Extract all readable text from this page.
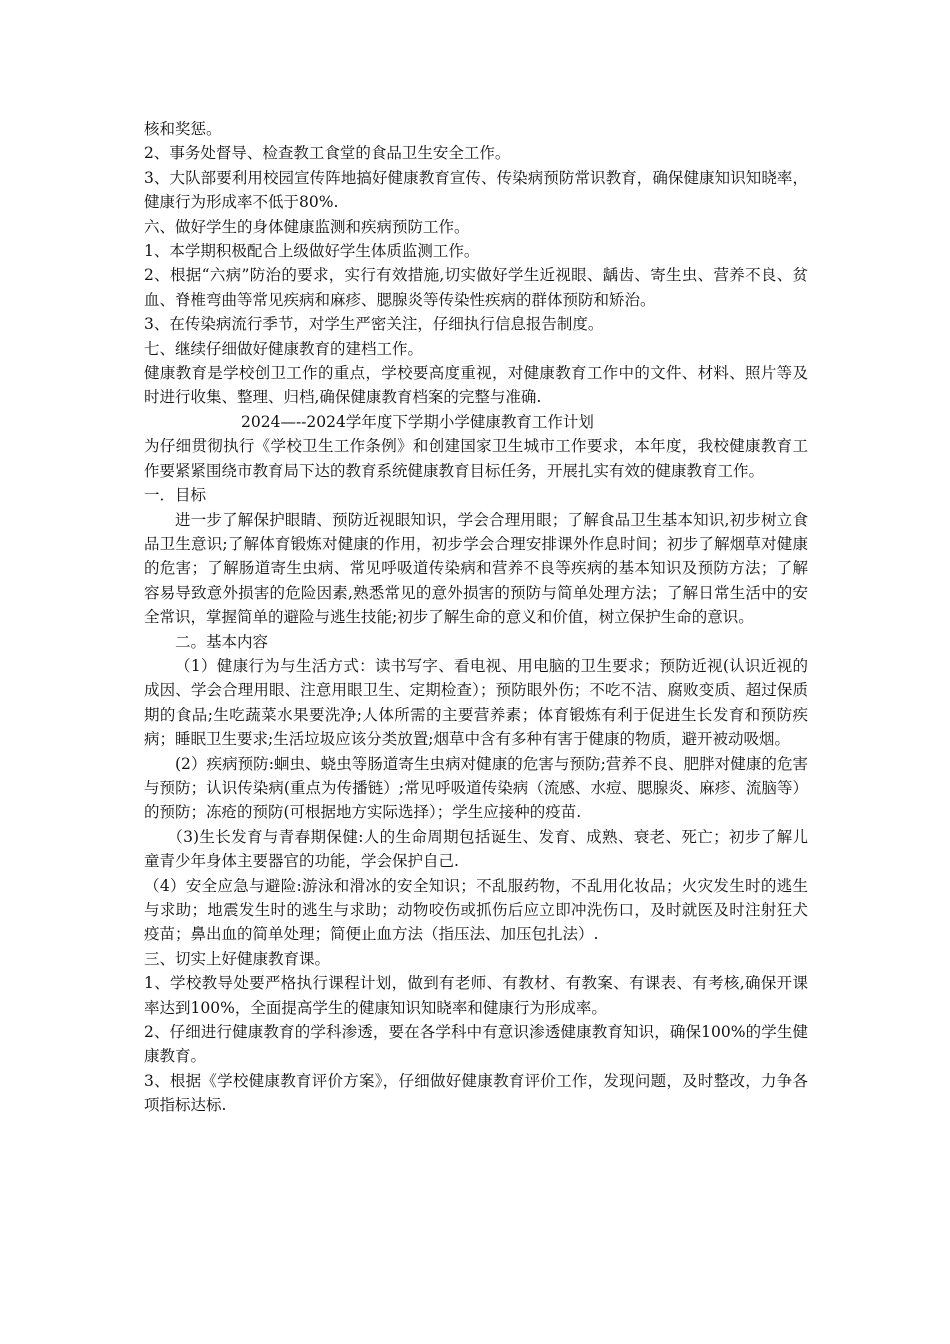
核和奖惩。

2、事务处督导、检查教工食堂的食品卫生安全工作。

3、大队部要利用校园宣传阵地搞好健康教育宣传、传染病预防常识教育，确保健康知识知晓率，健康行为形成率不低于80%.

六、做好学生的身体健康监测和疾病预防工作。

1、本学期积极配合上级做好学生体质监测工作。

2、根据“六病”防治的要求，实行有效措施,切实做好学生近视眼、龋齿、寄生虫、营养不良、贫血、脊椎弯曲等常见疾病和麻疹、腮腺炎等传染性疾病的群体预防和矫治。

3、在传染病流行季节，对学生严密关注，仔细执行信息报告制度。

七、继续仔细做好健康教育的建档工作。

健康教育是学校创卫工作的重点，学校要高度重视，对健康教育工作中的文件、材料、照片等及时进行收集、整理、归档,确保健康教育档案的完整与准确.

2024—--2024学年度下学期小学健康教育工作计划

为仔细贯彻执行《学校卫生工作条例》和创建国家卫生城市工作要求，本年度，我校健康教育工作要紧紧围绕市教育局下达的教育系统健康教育目标任务，开展扎实有效的健康教育工作。

一．目标

进一步了解保护眼睛、预防近视眼知识，学会合理用眼；了解食品卫生基本知识,初步树立食品卫生意识;了解体育锻炼对健康的作用，初步学会合理安排课外作息时间；初步了解烟草对健康的危害；了解肠道寄生虫病、常见呼吸道传染病和营养不良等疾病的基本知识及预防方法；了解容易导致意外损害的危险因素,熟悉常见的意外损害的预防与简单处理方法；了解日常生活中的安全常识，掌握简单的避险与逃生技能;初步了解生命的意义和价值，树立保护生命的意识。

二。基本内容

（1）健康行为与生活方式：读书写字、看电视、用电脑的卫生要求；预防近视(认识近视的成因、学会合理用眼、注意用眼卫生、定期检查）；预防眼外伤；不吃不洁、腐败变质、超过保质期的食品;生吃蔬菜水果要洗净;人体所需的主要营养素；体育锻炼有利于促进生长发育和预防疾病；睡眠卫生要求;生活垃圾应该分类放置;烟草中含有多种有害于健康的物质，避开被动吸烟。

(2）疾病预防:蛔虫、蛲虫等肠道寄生虫病对健康的危害与预防;营养不良、肥胖对健康的危害与预防；认识传染病(重点为传播链）;常见呼吸道传染病（流感、水痘、腮腺炎、麻疹、流脑等）的预防；冻疮的预防(可根据地方实际选择）；学生应接种的疫苗.

（3)生长发育与青春期保健:人的生命周期包括诞生、发育、成熟、衰老、死亡；初步了解儿童青少年身体主要器官的功能，学会保护自己.

（4）安全应急与避险:游泳和滑冰的安全知识；不乱服药物，不乱用化妆品；火灾发生时的逃生与求助；地震发生时的逃生与求助；动物咬伤或抓伤后应立即冲洗伤口，及时就医及时注射狂犬疫苗；鼻出血的简单处理；简便止血方法（指压法、加压包扎法）.

三、切实上好健康教育课。

1、学校教导处要严格执行课程计划，做到有老师、有教材、有教案、有课表、有考核,确保开课率达到100%，全面提高学生的健康知识知晓率和健康行为形成率。

2、仔细进行健康教育的学科渗透，要在各学科中有意识渗透健康教育知识，确保100%的学生健康教育。

3、根据《学校健康教育评价方案》，仔细做好健康教育评价工作，发现问题，及时整改，力争各项指标达标.
